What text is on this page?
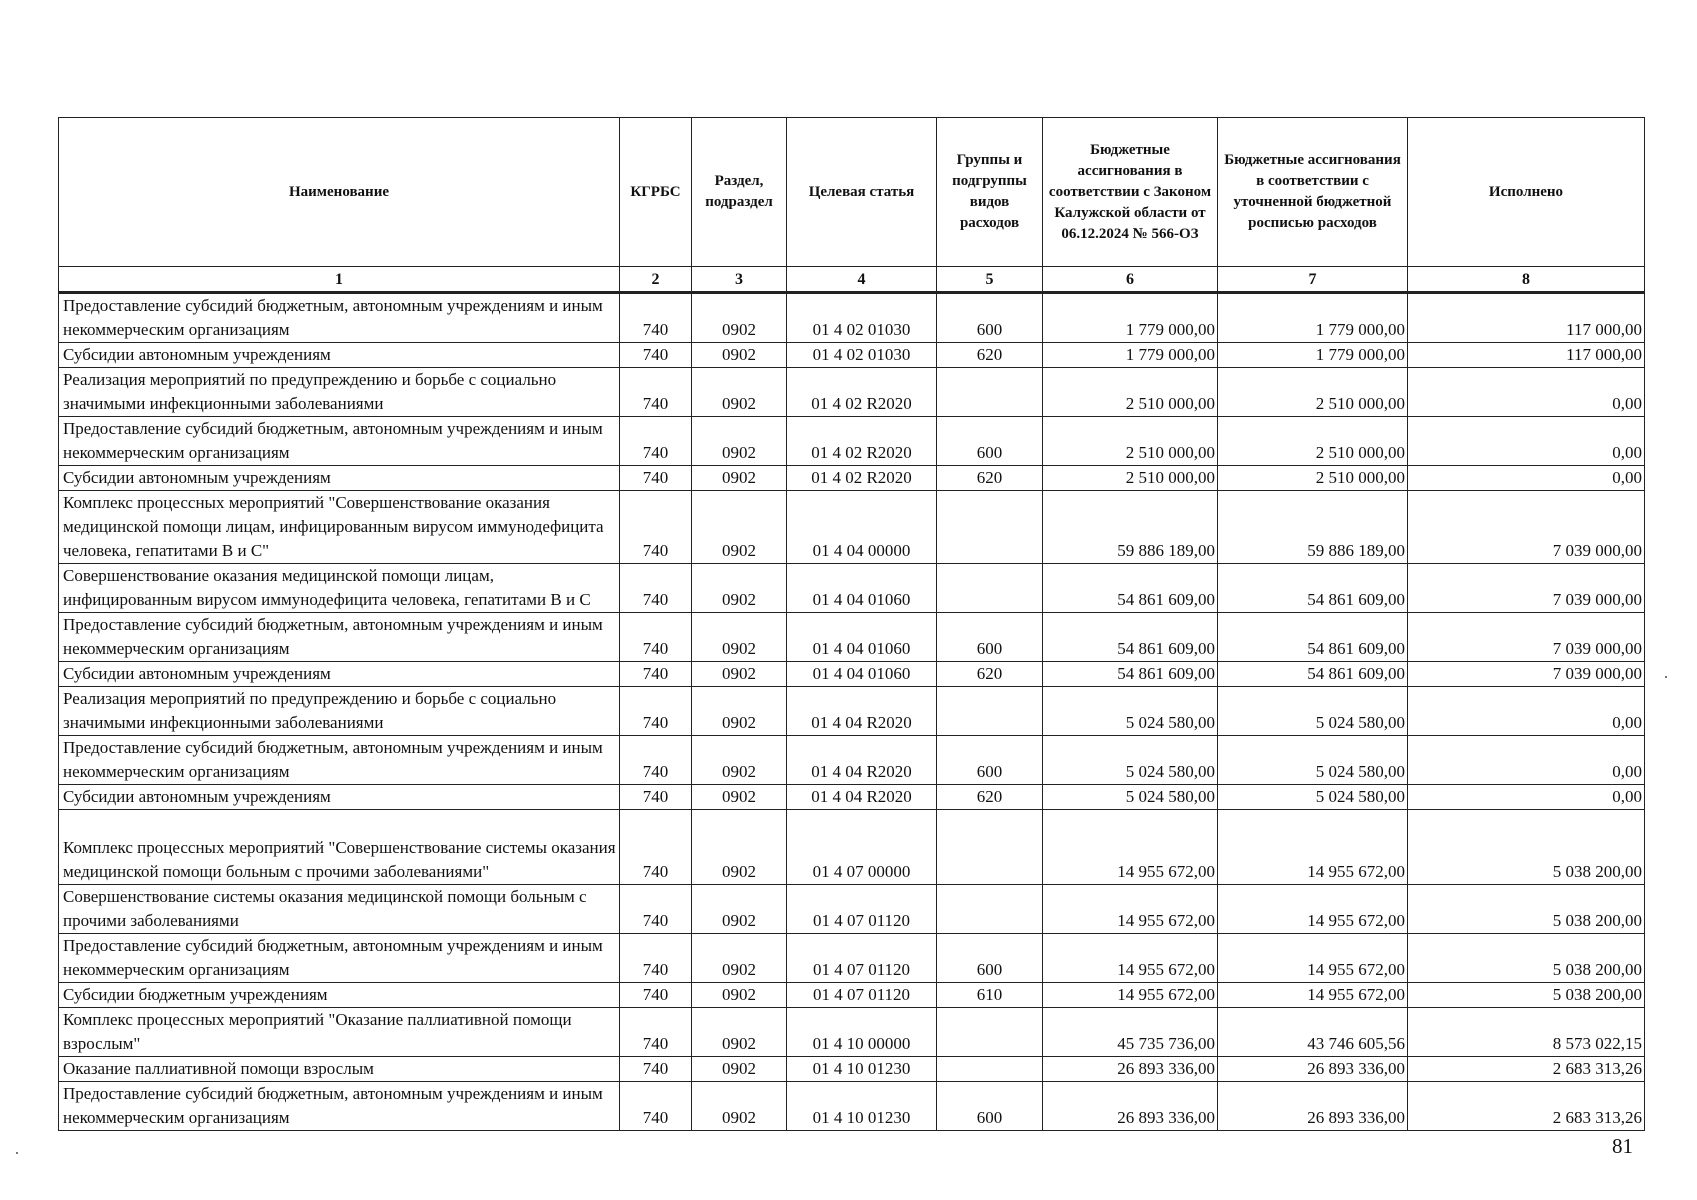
Наименование	КГРБС	Раздел, подраздел	Целевая статья	Группы и подгруппы видов расходов	Бюджетные ассигнования в соответствии с Законом Калужской области от 06.12.2024 № 566-ОЗ	Бюджетные ассигнования в соответствии с уточненной бюджетной росписью расходов	Исполнено
1	2	3	4	5	6	7	8
Предоставление субсидий бюджетным, автономным учреждениям и иным некоммерческим организациям	740	0902	01 4 02 01030	600	1 779 000,00	1 779 000,00	117 000,00
Субсидии автономным учреждениям	740	0902	01 4 02 01030	620	1 779 000,00	1 779 000,00	117 000,00
Реализация мероприятий по предупреждению и борьбе с социально значимыми инфекционными заболеваниями	740	0902	01 4 02 R2020		2 510 000,00	2 510 000,00	0,00
Предоставление субсидий бюджетным, автономным учреждениям и иным некоммерческим организациям	740	0902	01 4 02 R2020	600	2 510 000,00	2 510 000,00	0,00
Субсидии автономным учреждениям	740	0902	01 4 02 R2020	620	2 510 000,00	2 510 000,00	0,00
Комплекс процессных мероприятий "Совершенствование оказания медицинской помощи лицам, инфицированным вирусом иммунодефицита человека, гепатитами В и С"	740	0902	01 4 04 00000		59 886 189,00	59 886 189,00	7 039 000,00
Совершенствование оказания медицинской помощи лицам, инфицированным вирусом иммунодефицита человека, гепатитами В и С	740	0902	01 4 04 01060		54 861 609,00	54 861 609,00	7 039 000,00
Предоставление субсидий бюджетным, автономным учреждениям и иным некоммерческим организациям	740	0902	01 4 04 01060	600	54 861 609,00	54 861 609,00	7 039 000,00
Субсидии автономным учреждениям	740	0902	01 4 04 01060	620	54 861 609,00	54 861 609,00	7 039 000,00
Реализация мероприятий по предупреждению и борьбе с социально значимыми инфекционными заболеваниями	740	0902	01 4 04 R2020		5 024 580,00	5 024 580,00	0,00
Предоставление субсидий бюджетным, автономным учреждениям и иным некоммерческим организациям	740	0902	01 4 04 R2020	600	5 024 580,00	5 024 580,00	0,00
Субсидии автономным учреждениям	740	0902	01 4 04 R2020	620	5 024 580,00	5 024 580,00	0,00
Комплекс процессных мероприятий "Совершенствование системы оказания медицинской помощи больным с прочими заболеваниями"	740	0902	01 4 07 00000		14 955 672,00	14 955 672,00	5 038 200,00
Совершенствование системы оказания медицинской помощи больным с прочими заболеваниями	740	0902	01 4 07 01120		14 955 672,00	14 955 672,00	5 038 200,00
Предоставление субсидий бюджетным, автономным учреждениям и иным некоммерческим организациям	740	0902	01 4 07 01120	600	14 955 672,00	14 955 672,00	5 038 200,00
Субсидии бюджетным учреждениям	740	0902	01 4 07 01120	610	14 955 672,00	14 955 672,00	5 038 200,00
Комплекс процессных мероприятий "Оказание паллиативной помощи взрослым"	740	0902	01 4 10 00000		45 735 736,00	43 746 605,56	8 573 022,15
Оказание паллиативной помощи взрослым	740	0902	01 4 10 01230		26 893 336,00	26 893 336,00	2 683 313,26
Предоставление субсидий бюджетным, автономным учреждениям и иным некоммерческим организациям	740	0902	01 4 10 01230	600	26 893 336,00	26 893 336,00	2 683 313,26
81
